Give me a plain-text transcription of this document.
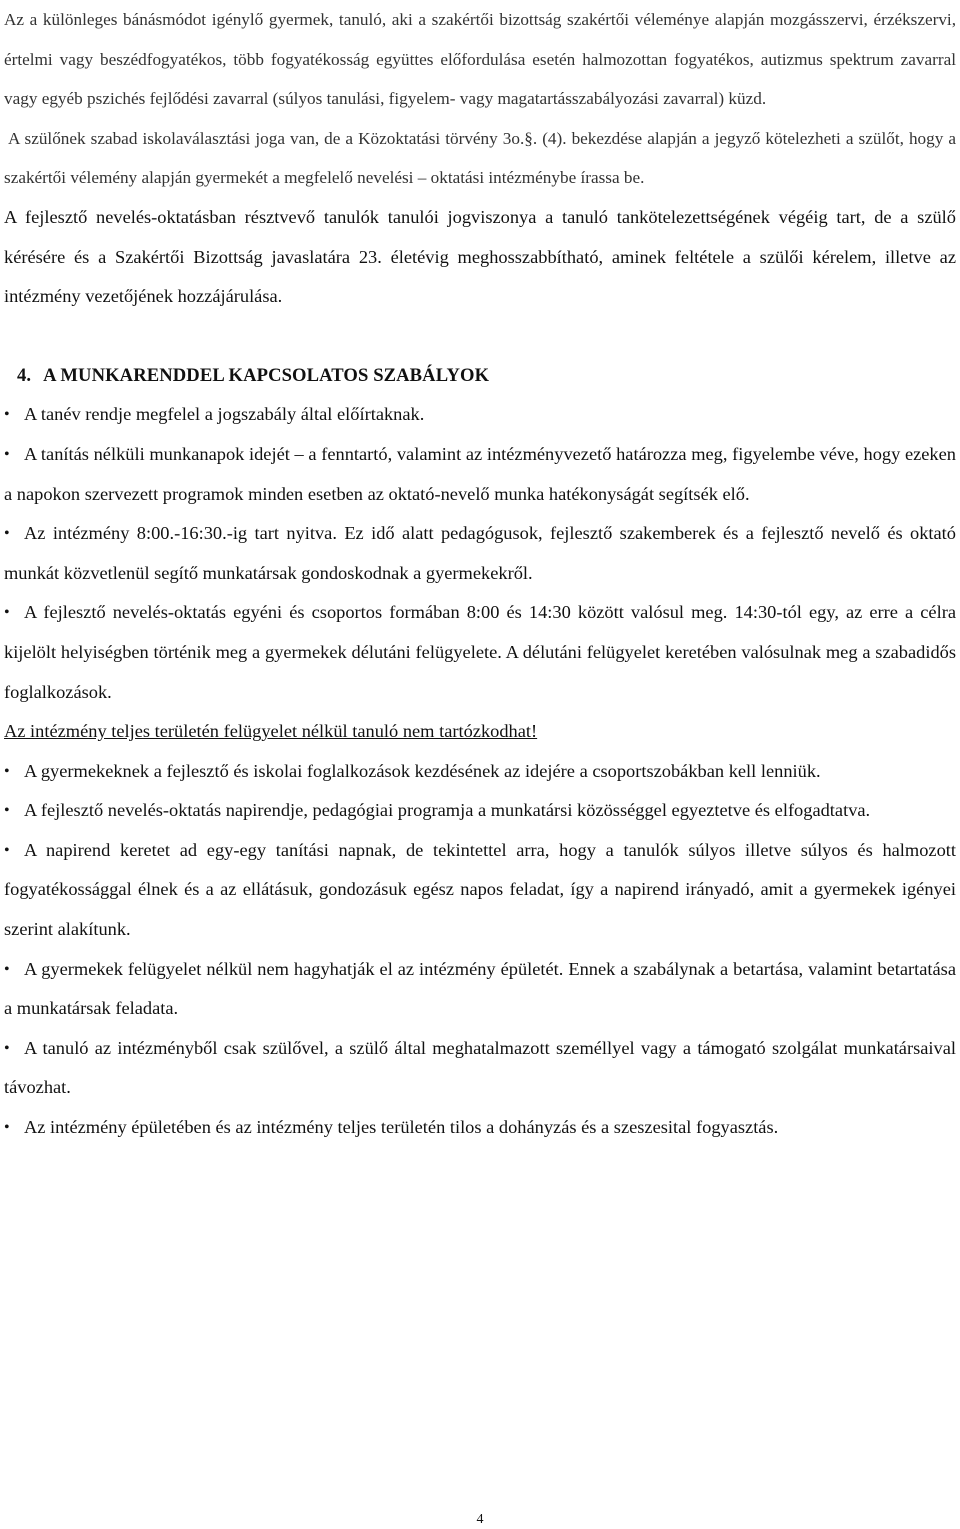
Az a különleges bánásmódot igénylő gyermek, tanuló, aki a szakértői bizottság szakértői véleménye alapján mozgásszervi, érzékszervi, értelmi vagy beszédfogyatékos, több fogyatékosság együttes előfordulása esetén halmozottan fogyatékos, autizmus spektrum zavarral vagy egyéb pszichés fejlődési zavarral (súlyos tanulási, figyelem- vagy magatartásszabályozási zavarral) küzd.

A szülőnek szabad iskolaválasztási joga van, de a Közoktatási törvény 3o.§. (4). bekezdése alapján a jegyző kötelezheti a szülőt, hogy a szakértői vélemény alapján gyermekét a megfelelő nevelési – oktatási intézménybe írassa be.

A fejlesztő nevelés-oktatásban résztvevő tanulók tanulói jogviszonya a tanuló tankötelezettségének végéig tart, de a szülő kérésére és a Szakértői Bizottság javaslatára 23. életévig meghosszabbítható, aminek feltétele a szülői kérelem, illetve az intézmény vezetőjének hozzájárulása.

4. A MUNKARENDDEL KAPCSOLATOS SZABÁLYOK

• A tanév rendje megfelel a jogszabály által előírtaknak.

• A tanítás nélküli munkanapok idejét – a fenntartó, valamint az intézményvezető határozza meg, figyelembe véve, hogy ezeken a napokon szervezett programok minden esetben az oktató-nevelő munka hatékonyságát segítsék elő.

• Az intézmény 8:00.-16:30.-ig tart nyitva. Ez idő alatt pedagógusok, fejlesztő szakemberek és a fejlesztő nevelő és oktató munkát közvetlenül segítő munkatársak gondoskodnak a gyermekekről.

• A fejlesztő nevelés-oktatás egyéni és csoportos formában 8:00 és 14:30 között valósul meg. 14:30-tól egy, az erre a célra kijelölt helyiségben történik meg a gyermekek délutáni felügyelete. A délutáni felügyelet keretében valósulnak meg a szabadidős foglalkozások.

Az intézmény teljes területén felügyelet nélkül tanuló nem tartózkodhat!

• A gyermekeknek a fejlesztő és iskolai foglalkozások kezdésének az idejére a csoportszobákban kell lenniük.

• A fejlesztő nevelés-oktatás napirendje, pedagógiai programja a munkatársi közösséggel egyeztetve és elfogadtatva.

• A napirend keretet ad egy-egy tanítási napnak, de tekintettel arra, hogy a tanulók súlyos illetve súlyos és halmozott fogyatékossággal élnek és a az ellátásuk, gondozásuk egész napos feladat, így a napirend irányadó, amit a gyermekek igényei szerint alakítunk.

• A gyermekek felügyelet nélkül nem hagyhatják el az intézmény épületét. Ennek a szabálynak a betartása, valamint betartatása a munkatársak feladata.

• A tanuló az intézményből csak szülővel, a szülő által meghatalmazott személlyel vagy a támogató szolgálat munkatársaival távozhat.

• Az intézmény épületében és az intézmény teljes területén tilos a dohányzás és a szeszesital fogyasztás.

4
